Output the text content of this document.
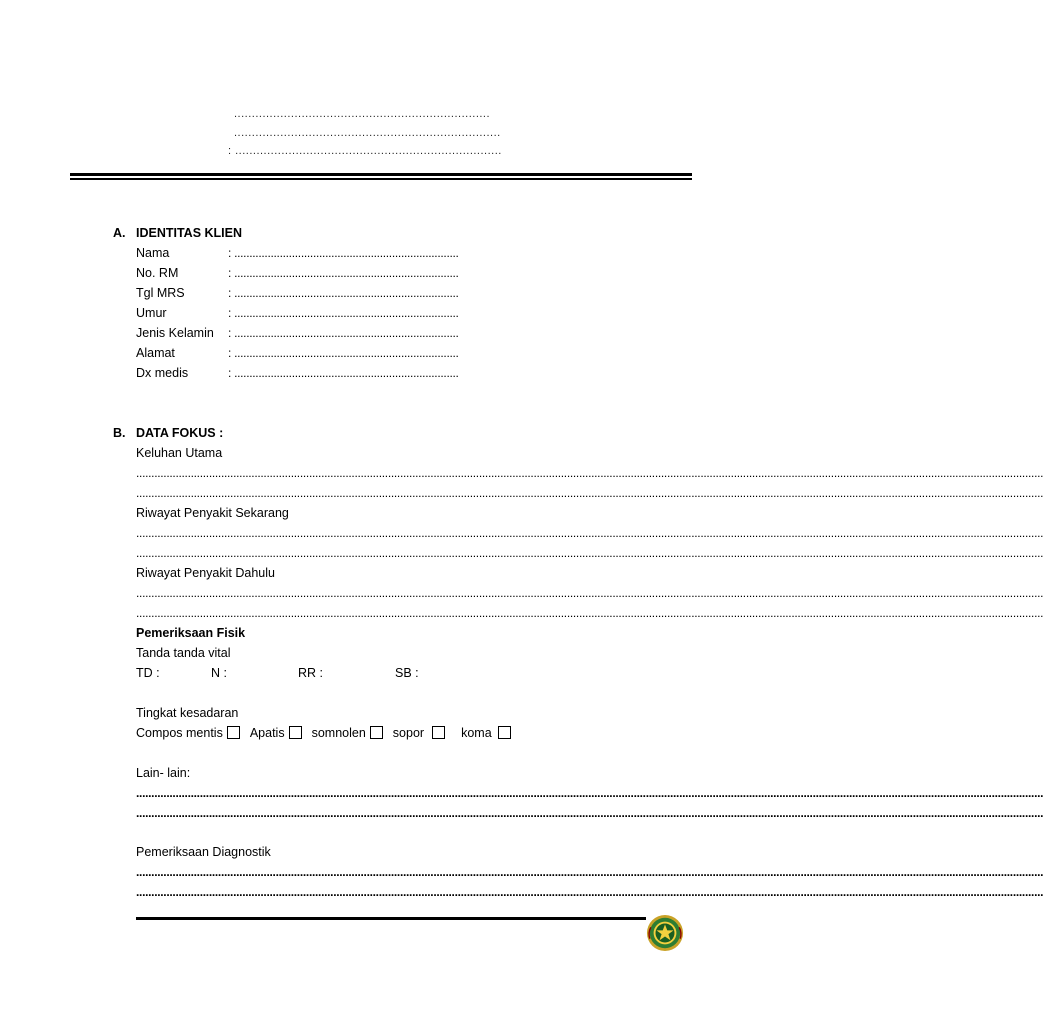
........................................................................
...........................................................................
: ...........................................................................
A. IDENTITAS KLIEN
Nama	: ..........................................................................
No. RM	: ..........................................................................
Tgl MRS	: ..........................................................................
Umur	: ..........................................................................
Jenis Kelamin : ..........................................................................
Alamat	: ..........................................................................
Dx medis	: ..........................................................................
B. DATA FOKUS :
Keluhan Utama
...........................................................................................................................................................................................................................................................................................................
...........................................................................................................................................................................................................................................................................................................
Riwayat Penyakit Sekarang
...........................................................................................................................................................................................................................................................................................................
...........................................................................................................................................................................................................................................................................................................
Riwayat Penyakit Dahulu
...........................................................................................................................................................................................................................................................................................................
...........................................................................................................................................................................................................................................................................................................
Pemeriksaan Fisik
Tanda tanda vital
TD :	N :	RR :	SB :
Tingkat kesadaran
Compos mentis Apatis somnolen sopor	koma
Lain- lain:
...........................................................................................................................................................................................................................................................................................................
...........................................................................................................................................................................................................................................................................................................
Pemeriksaan Diagnostik
...........................................................................................................................................................................................................................................................................................................
...........................................................................................................................................................................................................................................................................................................
